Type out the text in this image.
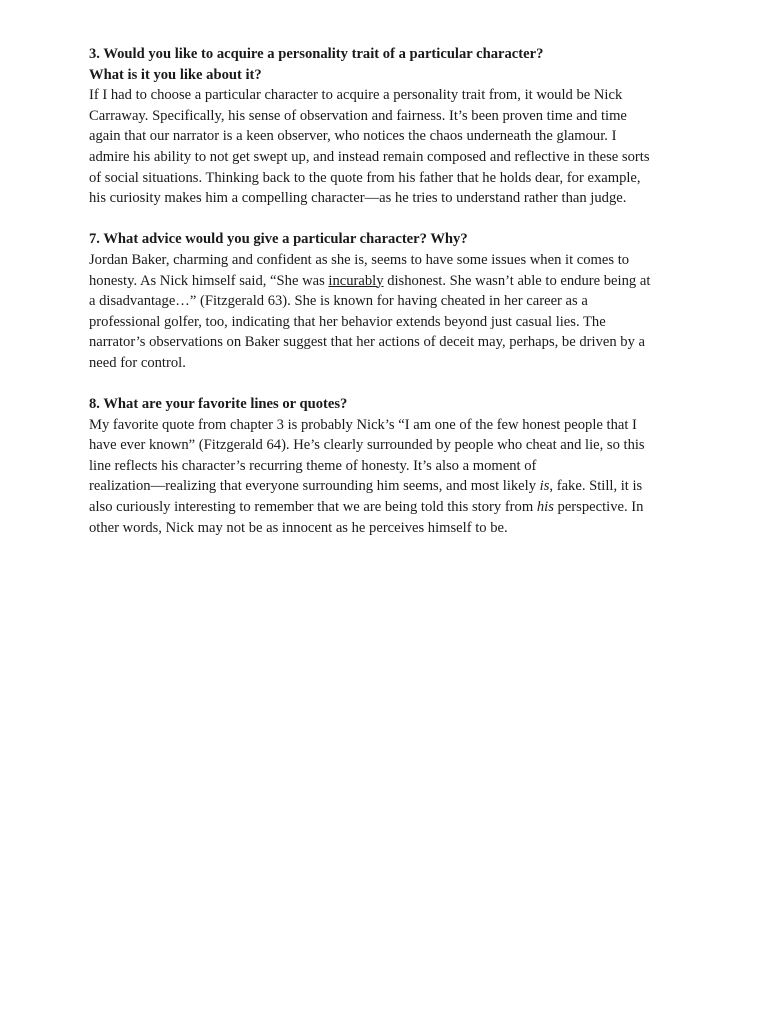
3. Would you like to acquire a personality trait of a particular character?

What is it you like about it?

If I had to choose a particular character to acquire a personality trait from, it would be Nick

Carraway. Specifically, his sense of observation and fairness. It’s been proven time and time

again that our narrator is a keen observer, who notices the chaos underneath the glamour. I

admire his ability to not get swept up, and instead remain composed and reflective in these sorts

of social situations. Thinking back to the quote from his father that he holds dear, for example,

his curiosity makes him a compelling character—as he tries to understand rather than judge.

7. What advice would you give a particular character? Why?

Jordan Baker, charming and confident as she is, seems to have some issues when it comes to

honesty. As Nick himself said, “She was incurably dishonest. She wasn’t able to endure being at

a disadvantage…” (Fitzgerald 63). She is known for having cheated in her career as a

professional golfer, too, indicating that her behavior extends beyond just casual lies. The

narrator’s observations on Baker suggest that her actions of deceit may, perhaps, be driven by a

need for control.

8. What are your favorite lines or quotes?

My favorite quote from chapter 3 is probably Nick’s “I am one of the few honest people that I

have ever known” (Fitzgerald 64). He’s clearly surrounded by people who cheat and lie, so this

line reflects his character’s recurring theme of honesty. It’s also a moment of

realization—realizing that everyone surrounding him seems, and most likely is, fake. Still, it is

also curiously interesting to remember that we are being told this story from his perspective. In

other words, Nick may not be as innocent as he perceives himself to be.
